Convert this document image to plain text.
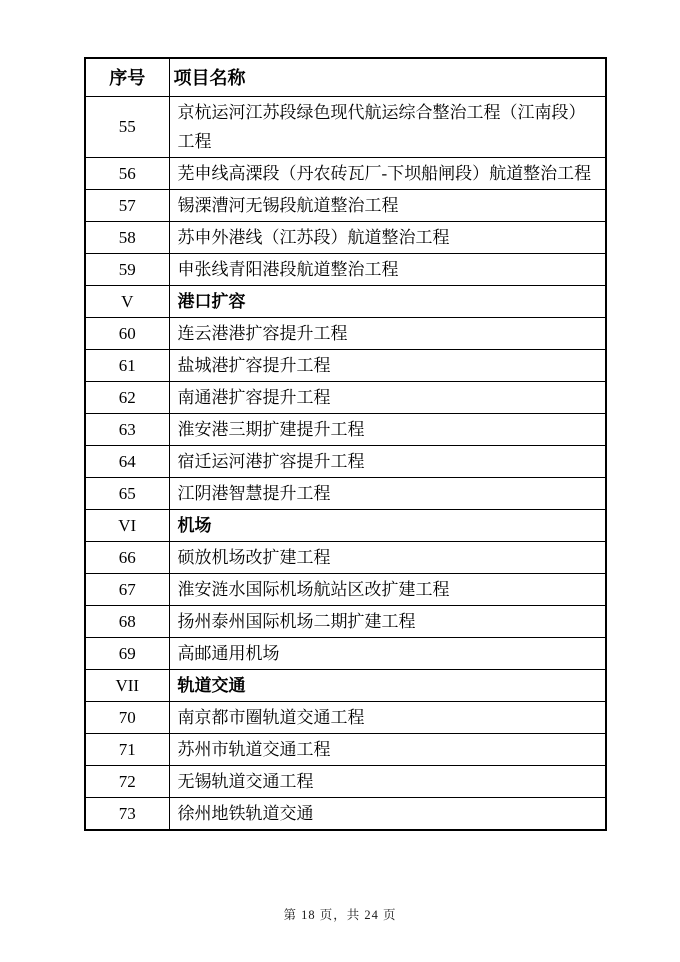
序号	项目名称
55	京杭运河江苏段绿色现代航运综合整治工程（江南段）工程
56	芜申线高溧段（丹农砖瓦厂-下坝船闸段）航道整治工程
57	锡溧漕河无锡段航道整治工程
58	苏申外港线（江苏段）航道整治工程
59	申张线青阳港段航道整治工程
V	港口扩容
60	连云港港扩容提升工程
61	盐城港扩容提升工程
62	南通港扩容提升工程
63	淮安港三期扩建提升工程
64	宿迁运河港扩容提升工程
65	江阴港智慧提升工程
VI	机场
66	硕放机场改扩建工程
67	淮安涟水国际机场航站区改扩建工程
68	扬州泰州国际机场二期扩建工程
69	高邮通用机场
VII	轨道交通
70	南京都市圈轨道交通工程
71	苏州市轨道交通工程
72	无锡轨道交通工程
73	徐州地铁轨道交通
第 18 页，共 24 页
